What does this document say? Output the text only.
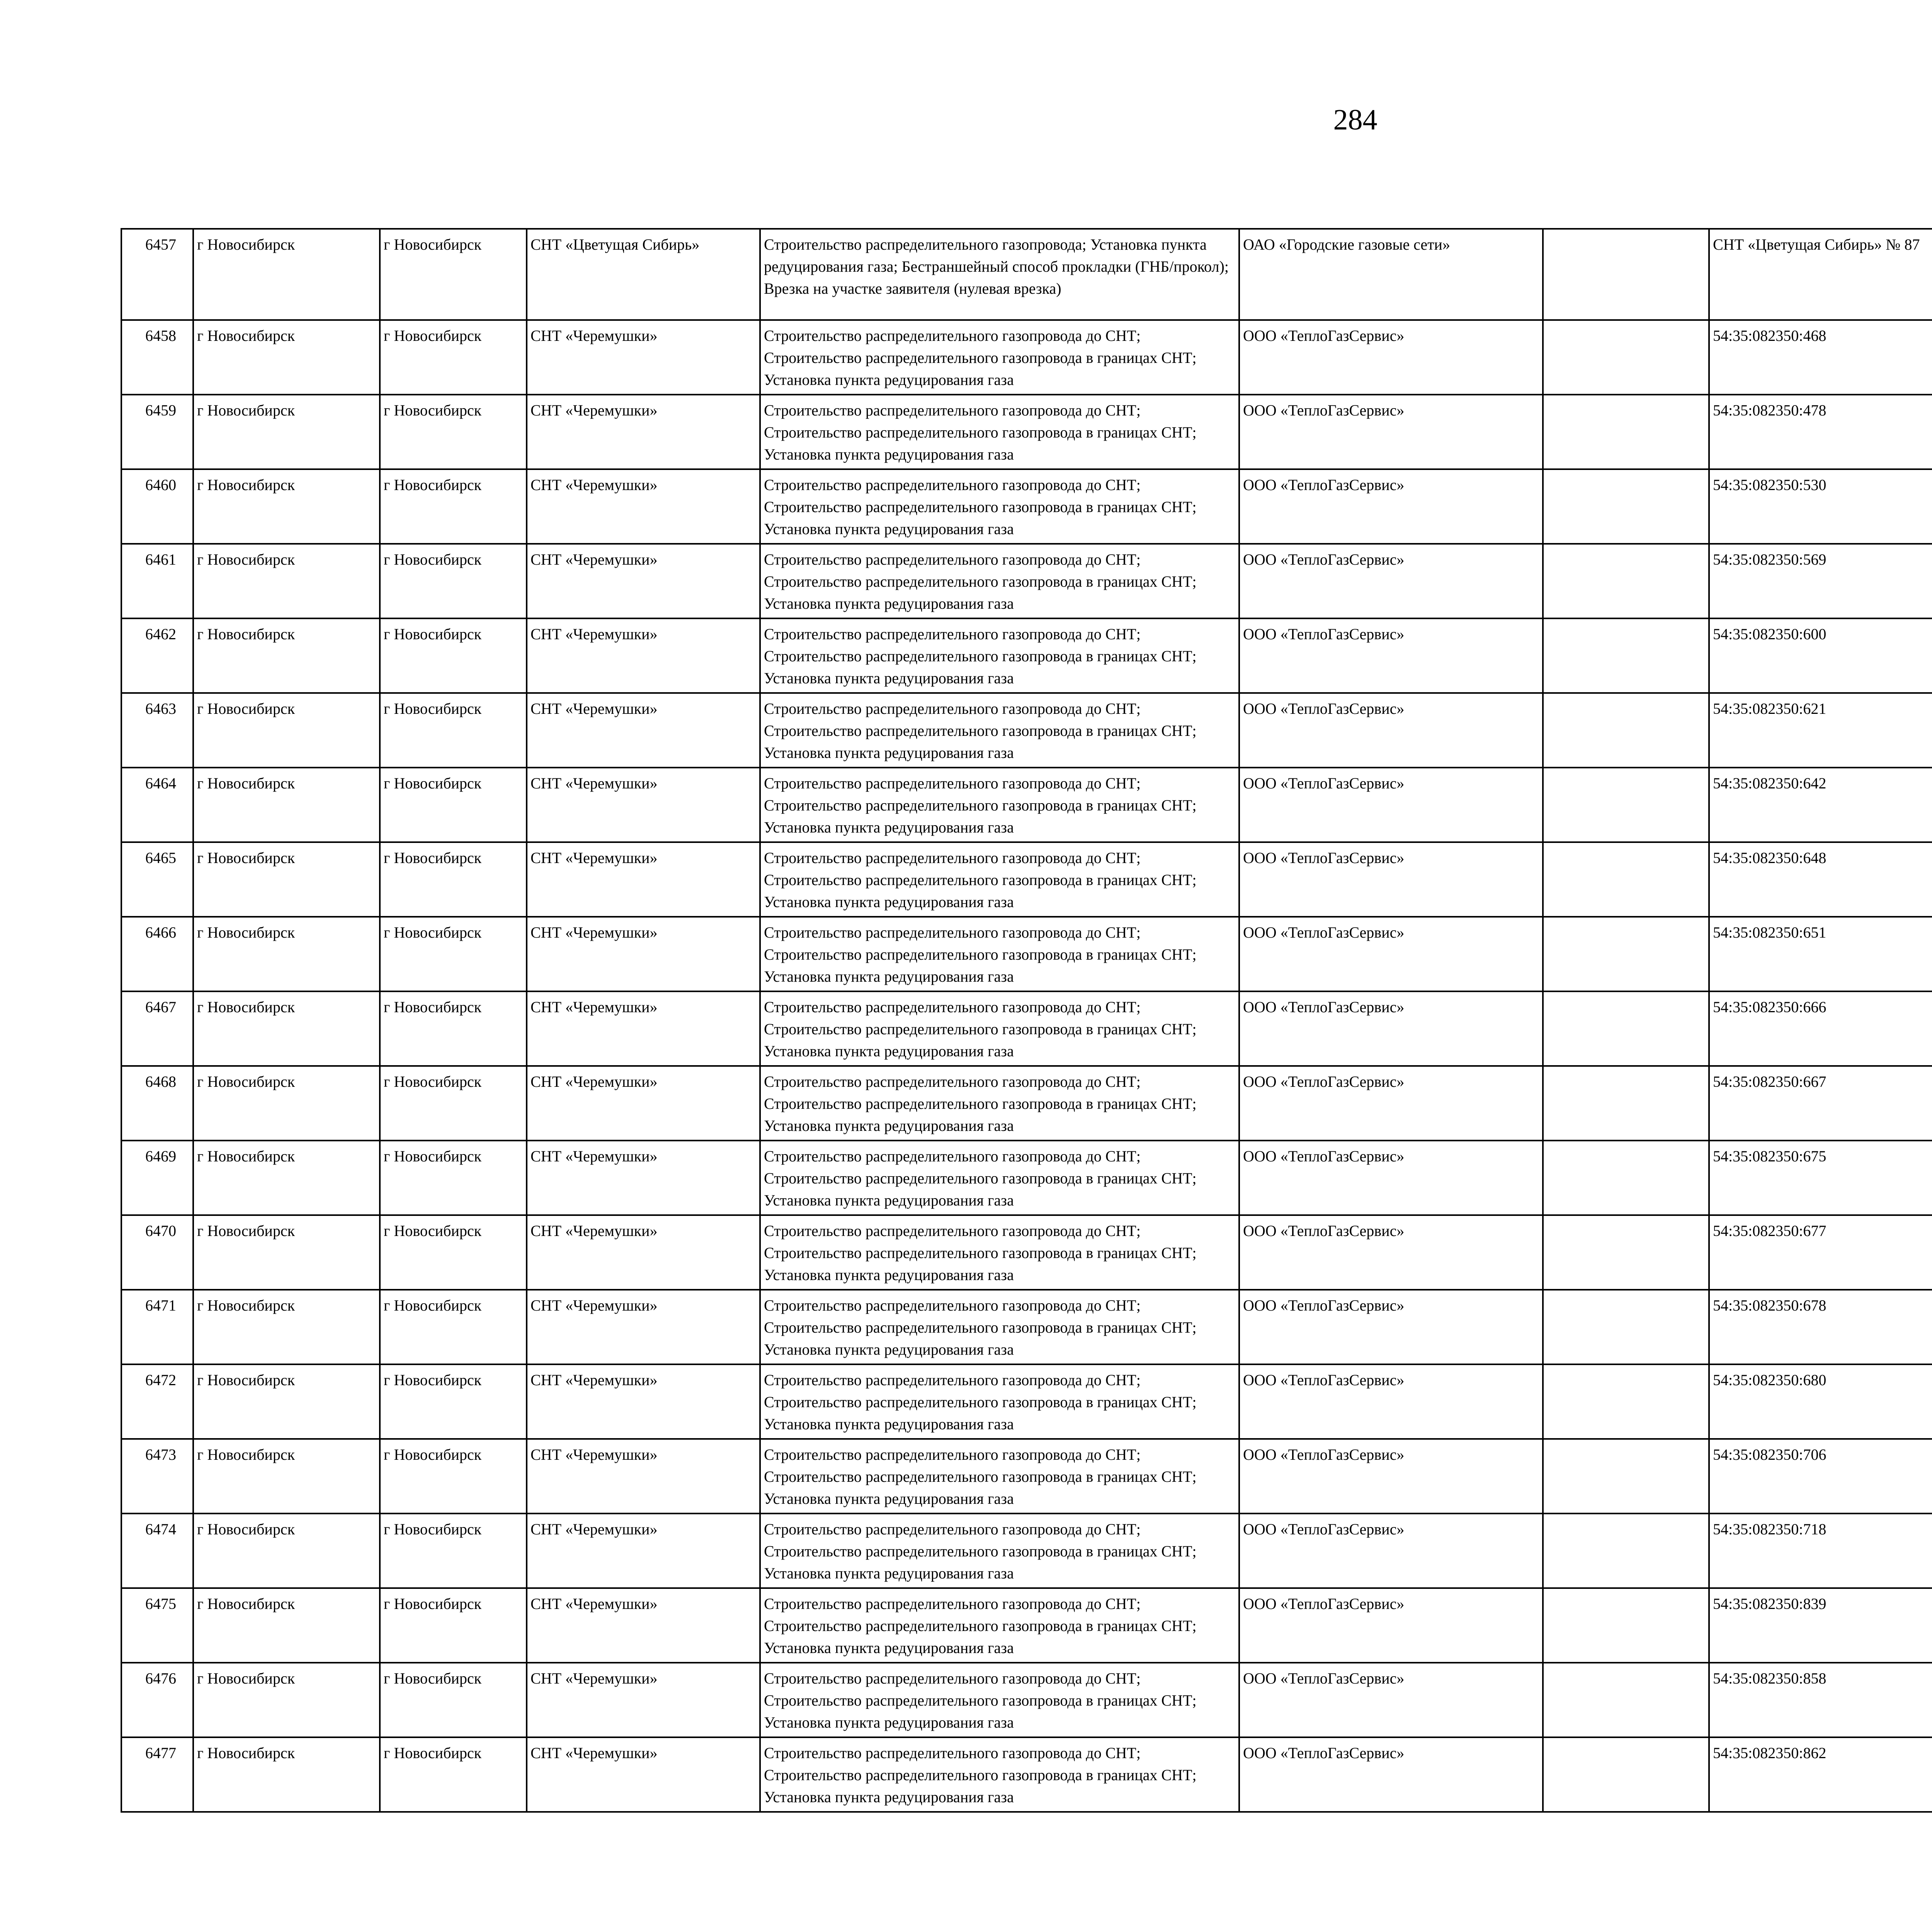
284
6457	г Новосибирск	г Новосибирск	СНТ «Цветущая Сибирь»	Строительство распределительного газопровода; Установка пункта редуцирования газа; Бестраншейный способ прокладки (ГНБ/прокол); Врезка на участке заявителя (нулевая врезка)	ОАО «Городские газовые сети»		СНТ «Цветущая Сибирь» № 87						
6458	г Новосибирск	г Новосибирск	СНТ «Черемушки»	Строительство распределительного газопровода до СНТ; Строительство распределительного газопровода в границах СНТ; Установка пункта редуцирования газа	ООО «ТеплоГазСервис»		54:35:082350:468						
6459	г Новосибирск	г Новосибирск	СНТ «Черемушки»	Строительство распределительного газопровода до СНТ; Строительство распределительного газопровода в границах СНТ; Установка пункта редуцирования газа	ООО «ТеплоГазСервис»		54:35:082350:478						
6460	г Новосибирск	г Новосибирск	СНТ «Черемушки»	Строительство распределительного газопровода до СНТ; Строительство распределительного газопровода в границах СНТ; Установка пункта редуцирования газа	ООО «ТеплоГазСервис»		54:35:082350:530						
6461	г Новосибирск	г Новосибирск	СНТ «Черемушки»	Строительство распределительного газопровода до СНТ; Строительство распределительного газопровода в границах СНТ; Установка пункта редуцирования газа	ООО «ТеплоГазСервис»		54:35:082350:569						
6462	г Новосибирск	г Новосибирск	СНТ «Черемушки»	Строительство распределительного газопровода до СНТ; Строительство распределительного газопровода в границах СНТ; Установка пункта редуцирования газа	ООО «ТеплоГазСервис»		54:35:082350:600						
6463	г Новосибирск	г Новосибирск	СНТ «Черемушки»	Строительство распределительного газопровода до СНТ; Строительство распределительного газопровода в границах СНТ; Установка пункта редуцирования газа	ООО «ТеплоГазСервис»		54:35:082350:621						
6464	г Новосибирск	г Новосибирск	СНТ «Черемушки»	Строительство распределительного газопровода до СНТ; Строительство распределительного газопровода в границах СНТ; Установка пункта редуцирования газа	ООО «ТеплоГазСервис»		54:35:082350:642						
6465	г Новосибирск	г Новосибирск	СНТ «Черемушки»	Строительство распределительного газопровода до СНТ; Строительство распределительного газопровода в границах СНТ; Установка пункта редуцирования газа	ООО «ТеплоГазСервис»		54:35:082350:648						
6466	г Новосибирск	г Новосибирск	СНТ «Черемушки»	Строительство распределительного газопровода до СНТ; Строительство распределительного газопровода в границах СНТ; Установка пункта редуцирования газа	ООО «ТеплоГазСервис»		54:35:082350:651						
6467	г Новосибирск	г Новосибирск	СНТ «Черемушки»	Строительство распределительного газопровода до СНТ; Строительство распределительного газопровода в границах СНТ; Установка пункта редуцирования газа	ООО «ТеплоГазСервис»		54:35:082350:666						
6468	г Новосибирск	г Новосибирск	СНТ «Черемушки»	Строительство распределительного газопровода до СНТ; Строительство распределительного газопровода в границах СНТ; Установка пункта редуцирования газа	ООО «ТеплоГазСервис»		54:35:082350:667						
6469	г Новосибирск	г Новосибирск	СНТ «Черемушки»	Строительство распределительного газопровода до СНТ; Строительство распределительного газопровода в границах СНТ; Установка пункта редуцирования газа	ООО «ТеплоГазСервис»		54:35:082350:675						
6470	г Новосибирск	г Новосибирск	СНТ «Черемушки»	Строительство распределительного газопровода до СНТ; Строительство распределительного газопровода в границах СНТ; Установка пункта редуцирования газа	ООО «ТеплоГазСервис»		54:35:082350:677						
6471	г Новосибирск	г Новосибирск	СНТ «Черемушки»	Строительство распределительного газопровода до СНТ; Строительство распределительного газопровода в границах СНТ; Установка пункта редуцирования газа	ООО «ТеплоГазСервис»		54:35:082350:678						
6472	г Новосибирск	г Новосибирск	СНТ «Черемушки»	Строительство распределительного газопровода до СНТ; Строительство распределительного газопровода в границах СНТ; Установка пункта редуцирования газа	ООО «ТеплоГазСервис»		54:35:082350:680						
6473	г Новосибирск	г Новосибирск	СНТ «Черемушки»	Строительство распределительного газопровода до СНТ; Строительство распределительного газопровода в границах СНТ; Установка пункта редуцирования газа	ООО «ТеплоГазСервис»		54:35:082350:706						
6474	г Новосибирск	г Новосибирск	СНТ «Черемушки»	Строительство распределительного газопровода до СНТ; Строительство распределительного газопровода в границах СНТ; Установка пункта редуцирования газа	ООО «ТеплоГазСервис»		54:35:082350:718						
6475	г Новосибирск	г Новосибирск	СНТ «Черемушки»	Строительство распределительного газопровода до СНТ; Строительство распределительного газопровода в границах СНТ; Установка пункта редуцирования газа	ООО «ТеплоГазСервис»		54:35:082350:839						
6476	г Новосибирск	г Новосибирск	СНТ «Черемушки»	Строительство распределительного газопровода до СНТ; Строительство распределительного газопровода в границах СНТ; Установка пункта редуцирования газа	ООО «ТеплоГазСервис»		54:35:082350:858						
6477	г Новосибирск	г Новосибирск	СНТ «Черемушки»	Строительство распределительного газопровода до СНТ; Строительство распределительного газопровода в границах СНТ; Установка пункта редуцирования газа	ООО «ТеплоГазСервис»		54:35:082350:862						
